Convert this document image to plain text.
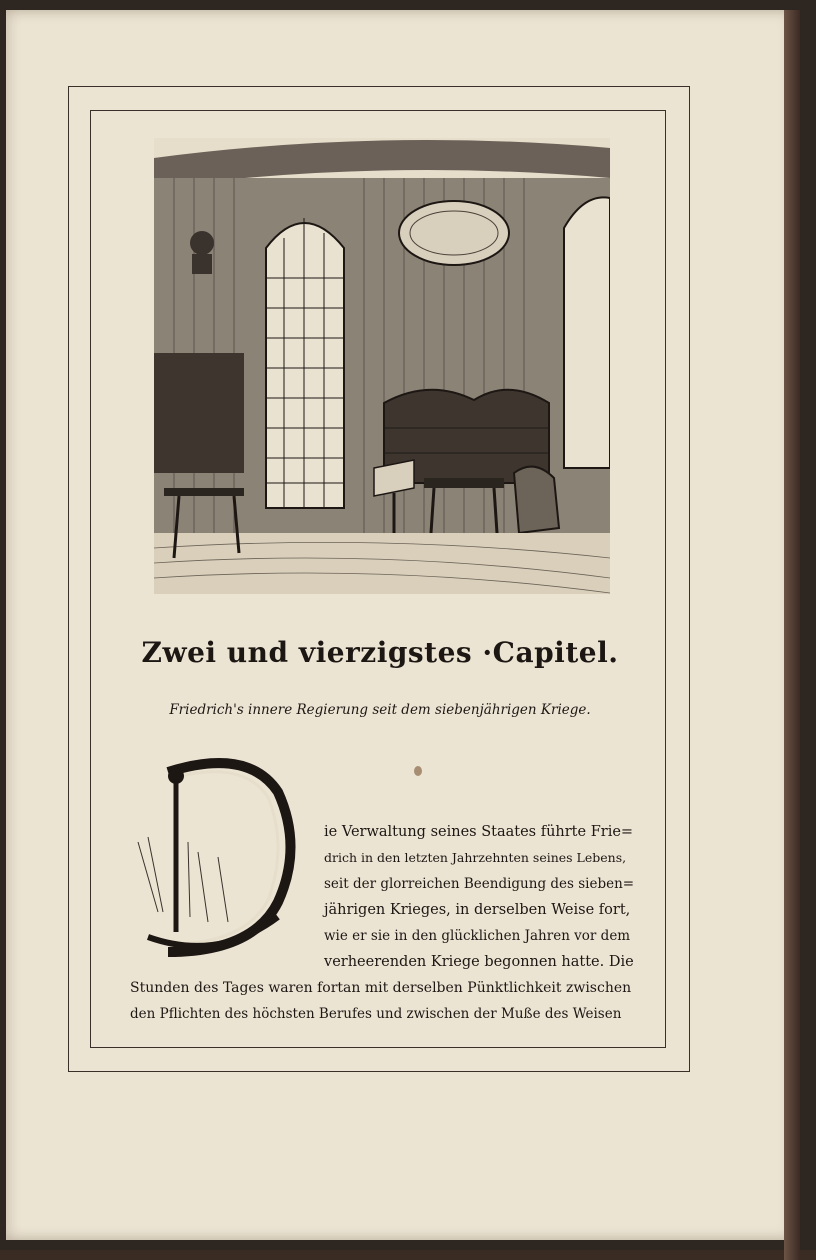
Zwei und vierzigstes ·Capitel.
Friedrich's innere Regierung seit dem siebenjährigen Kriege.
ie Verwaltung seines Staates führte Frie=
drich in den letzten Jahrzehnten seines Lebens,
seit der glorreichen Beendigung des sieben=
jährigen Krieges, in derselben Weise fort,
wie er sie in den glücklichen Jahren vor dem
verheerenden Kriege begonnen hatte. Die
Stunden des Tages waren fortan mit derselben Pünktlichkeit zwischen
den Pflichten des höchsten Berufes und zwischen der Muße des Weisen
